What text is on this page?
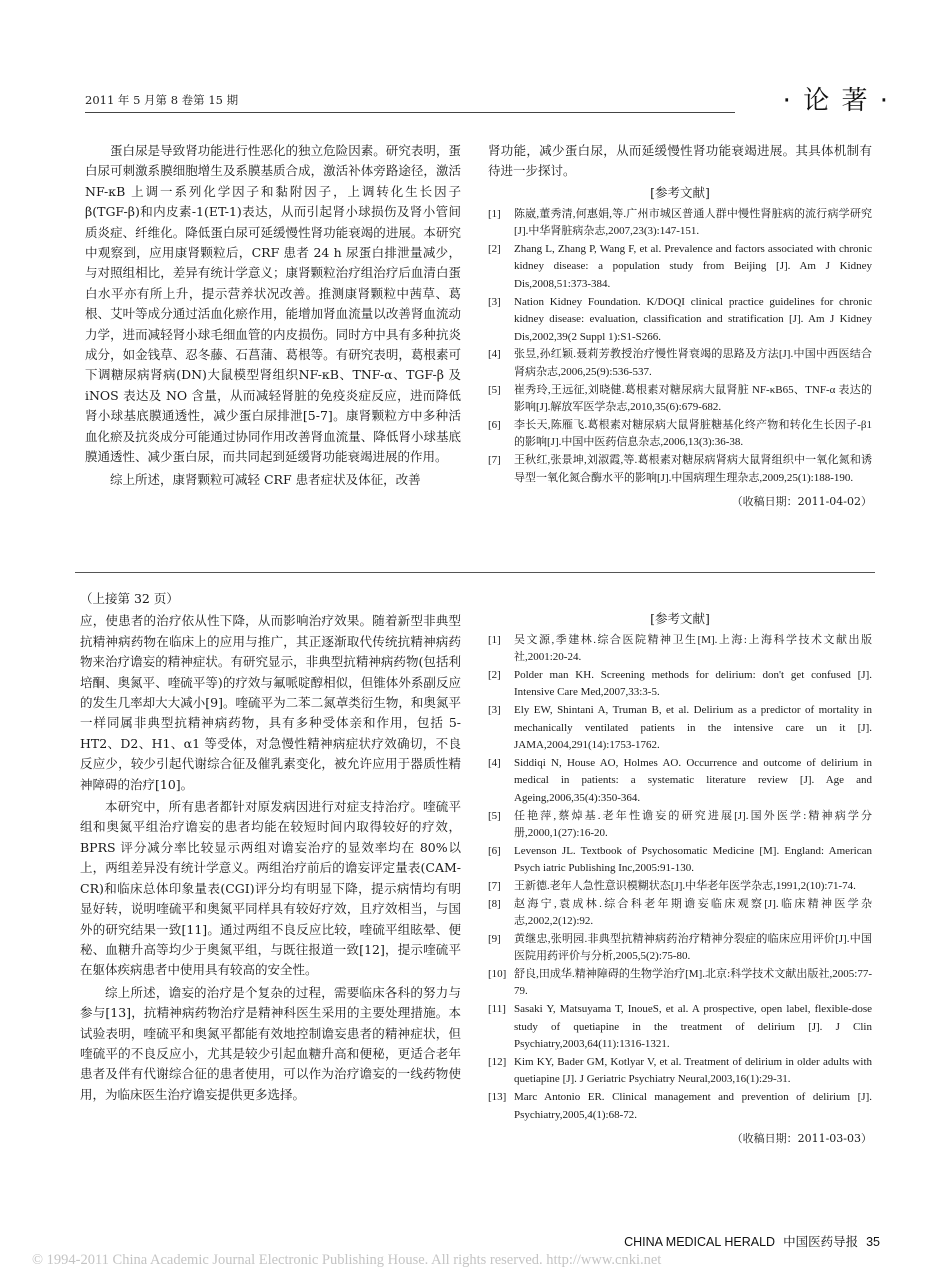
2011 年 5 月第 8 卷第 15 期	· 论 著 ·

蛋白尿是导致肾功能进行性恶化的独立危险因素。研究表明，蛋白尿可刺激系膜细胞增生及系膜基质合成，激活补体旁路途径，激活 NF-κB 上调一系列化学因子和黏附因子，上调转化生长因子 β(TGF-β)和内皮素-1(ET-1)表达，从而引起肾小球损伤及肾小管间质炎症、纤维化。降低蛋白尿可延缓慢性肾功能衰竭的进展。本研究中观察到，应用康肾颗粒后，CRF 患者 24 h 尿蛋白排泄量减少，与对照组相比，差异有统计学意义；康肾颗粒治疗组治疗后血清白蛋白水平亦有所上升，提示营养状况改善。推测康肾颗粒中茜草、葛根、艾叶等成分通过活血化瘀作用，能增加肾血流量以改善肾血流动力学，进而减轻肾小球毛细血管的内皮损伤。同时方中具有多种抗炎成分，如金钱草、忍冬藤、石菖蒲、葛根等。有研究表明，葛根素可下调糖尿病肾病(DN)大鼠模型肾组织NF-κB、TNF-α、TGF-β 及 iNOS 表达及 NO 含量，从而减轻肾脏的免疫炎症反应，进而降低肾小球基底膜通透性，减少蛋白尿排泄[5-7]。康肾颗粒方中多种活血化瘀及抗炎成分可能通过协同作用改善肾血流量、降低肾小球基底膜通透性、减少蛋白尿，而共同起到延缓肾功能衰竭进展的作用。

综上所述，康肾颗粒可减轻 CRF 患者症状及体征，改善

肾功能，减少蛋白尿，从而延缓慢性肾功能衰竭进展。其具体机制有待进一步探讨。

[参考文献]
[1] 陈崴,董秀清,何惠娟,等.广州市城区普通人群中慢性肾脏病的流行病学研究[J].中华肾脏病杂志,2007,23(3):147-151.
[2] Zhang L, Zhang P, Wang F, et al. Prevalence and factors associated with chronic kidney disease: a population study from Beijing [J]. Am J Kidney Dis,2008,51:373-384.
[3] Nation Kidney Foundation. K/DOQI clinical practice guidelines for chronic kidney disease: evaluation, classification and stratification [J]. Am J Kidney Dis,2002,39(2 Suppl 1):S1-S266.
[4] 张昱,孙红颖.聂莉芳教授治疗慢性肾衰竭的思路及方法[J].中国中西医结合肾病杂志,2006,25(9):536-537.
[5] 崔秀玲,王远征,刘晓健.葛根素对糖尿病大鼠肾脏 NF-κB65、TNF-α 表达的影响[J].解放军医学杂志,2010,35(6):679-682.
[6] 李长天,陈雁飞.葛根素对糖尿病大鼠肾脏糖基化终产物和转化生长因子-β1 的影响[J].中国中医药信息杂志,2006,13(3):36-38.
[7] 王秋红,张景坤,刘淑霞,等.葛根素对糖尿病肾病大鼠肾组织中一氧化氮和诱导型一氧化氮合酶水平的影响[J].中国病理生理杂志,2009,25(1):188-190.
（收稿日期：2011-04-02）

（上接第 32 页）

应，使患者的治疗依从性下降，从而影响治疗效果。随着新型非典型抗精神病药物在临床上的应用与推广，其正逐渐取代传统抗精神病药物来治疗谵妄的精神症状。有研究显示，非典型抗精神病药物(包括利培酮、奥氮平、喹硫平等)的疗效与氟哌啶醇相似，但锥体外系副反应的发生几率却大大减小[9]。喹硫平为二苯二氮䓬类衍生物，和奥氮平一样同属非典型抗精神病药物，具有多种受体亲和作用，包括 5-HT2、D2、H1、α1 等受体，对急慢性精神病症状疗效确切，不良反应少，较少引起代谢综合征及催乳素变化，被允许应用于器质性精神障碍的治疗[10]。

本研究中，所有患者都针对原发病因进行对症支持治疗。喹硫平组和奥氮平组治疗谵妄的患者均能在较短时间内取得较好的疗效，BPRS 评分减分率比较显示两组对谵妄治疗的显效率均在 80%以上，两组差异没有统计学意义。两组治疗前后的谵妄评定量表(CAM-CR)和临床总体印象量表(CGI)评分均有明显下降，提示病情均有明显好转，说明喹硫平和奥氮平同样具有较好疗效，且疗效相当，与国外的研究结果一致[11]。通过两组不良反应比较，喹硫平组眩晕、便秘、血糖升高等均少于奥氮平组，与既往报道一致[12]，提示喹硫平在躯体疾病患者中使用具有较高的安全性。

综上所述，谵妄的治疗是个复杂的过程，需要临床各科的努力与参与[13]，抗精神病药物治疗是精神科医生采用的主要处理措施。本试验表明，喹硫平和奥氮平都能有效地控制谵妄患者的精神症状，但喹硫平的不良反应小，尤其是较少引起血糖升高和便秘，更适合老年患者及伴有代谢综合征的患者使用，可以作为治疗谵妄的一线药物使用，为临床医生治疗谵妄提供更多选择。

[参考文献]
[1] 吴文源,季建林.综合医院精神卫生[M].上海:上海科学技术文献出版社,2001:20-24.
[2] Polder man KH. Screening methods for delirium: don't get confused [J]. Intensive Care Med,2007,33:3-5.
[3] Ely EW, Shintani A, Truman B, et al. Delirium as a predictor of mortality in mechanically ventilated patients in the intensive care un it [J]. JAMA,2004,291(14):1753-1762.
[4] Siddiqi N, House AO, Holmes AO. Occurrence and outcome of delirium in medical in patients: a systematic literature review [J]. Age and Ageing,2006,35(4):350-364.
[5] 任艳萍,蔡焯基.老年性谵妄的研究进展[J].国外医学:精神病学分册,2000,1(27):16-20.
[6] Levenson JL. Textbook of Psychosomatic Medicine [M]. England: American Psych iatric Publishing Inc,2005:91-130.
[7] 王新德.老年人急性意识模糊状态[J].中华老年医学杂志,1991,2(10):71-74.
[8] 赵海宁,袁成林.综合科老年期谵妄临床观察[J].临床精神医学杂志,2002,2(12):92.
[9] 黄继忠,张明园.非典型抗精神病药治疗精神分裂症的临床应用评价[J].中国医院用药评价与分析,2005,5(2):75-80.
[10] 舒良,田成华.精神障碍的生物学治疗[M].北京:科学技术文献出版社,2005:77-79.
[11] Sasaki Y, Matsuyama T, InoueS, et al. A prospective, open label, flexible-dose study of quetiapine in the treatment of delirium [J]. J Clin Psychiatry,2003,64(11):1316-1321.
[12] Kim KY, Bader GM, Kotlyar V, et al. Treatment of delirium in older adults with quetiapine [J]. J Geriatric Psychiatry Neural,2003,16(1):29-31.
[13] Marc Antonio ER. Clinical management and prevention of delirium [J]. Psychiatry,2005,4(1):68-72.
（收稿日期：2011-03-03）
CHINA MEDICAL HERALD 中国医药导报 35
© 1994-2011 China Academic Journal Electronic Publishing House. All rights reserved. http://www.cnki.net
